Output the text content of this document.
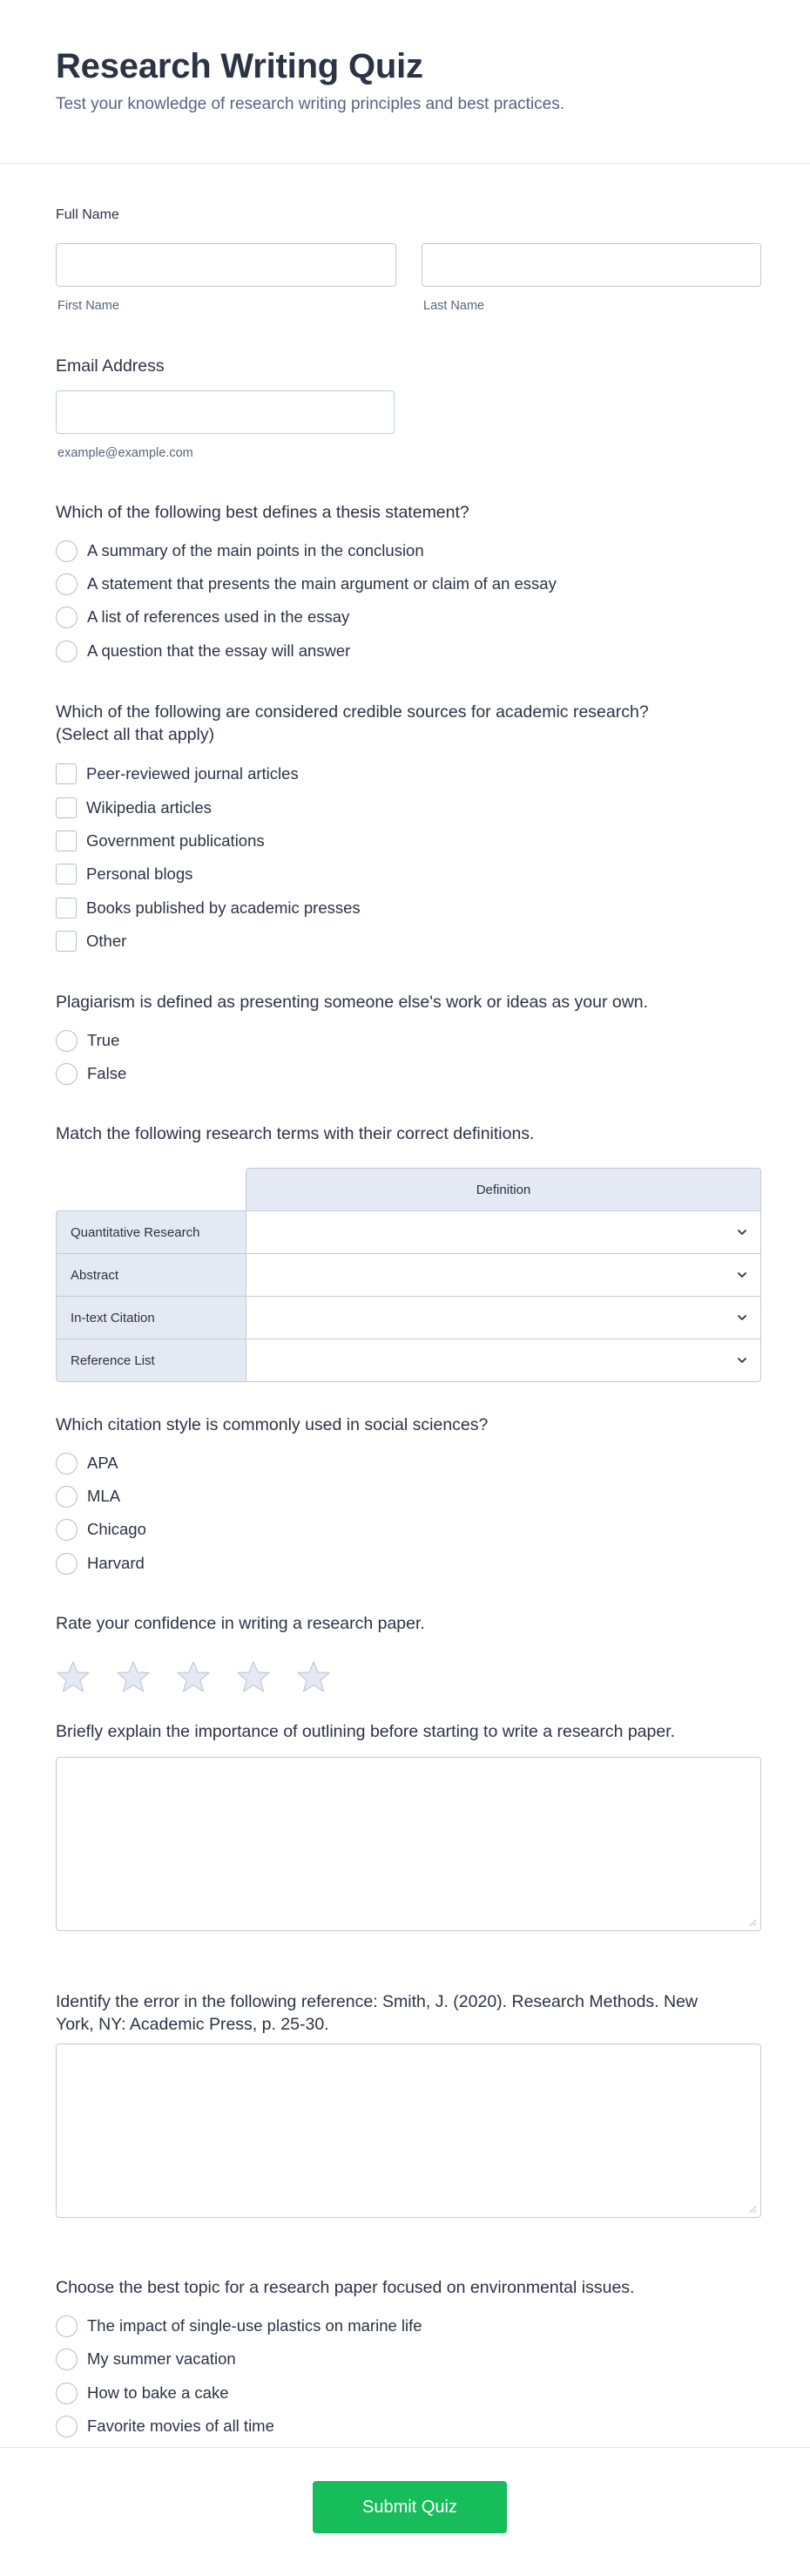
Research Writing Quiz

Test your knowledge of research writing principles and best practices.

Full Name
First Name	Last Name
Email Address
example@example.com
Which of the following best defines a thesis statement?
A summary of the main points in the conclusion
A statement that presents the main argument or claim of an essay
A list of references used in the essay
A question that the essay will answer
Which of the following are considered credible sources for academic research?
(Select all that apply)
Peer-reviewed journal articles
Wikipedia articles
Government publications
Personal blogs
Books published by academic presses
Other
Plagiarism is defined as presenting someone else's work or ideas as your own.
True
False
Match the following research terms with their correct definitions.
Definition
Quantitative Research
Abstract
In-text Citation
Reference List
Which citation style is commonly used in social sciences?
APA
MLA
Chicago
Harvard
Rate your confidence in writing a research paper.
Briefly explain the importance of outlining before starting to write a research paper.
Identify the error in the following reference: Smith, J. (2020). Research Methods. New
York, NY: Academic Press, p. 25-30.
Choose the best topic for a research paper focused on environmental issues.
The impact of single-use plastics on marine life
My summer vacation
How to bake a cake
Favorite movies of all time
Submit Quiz
